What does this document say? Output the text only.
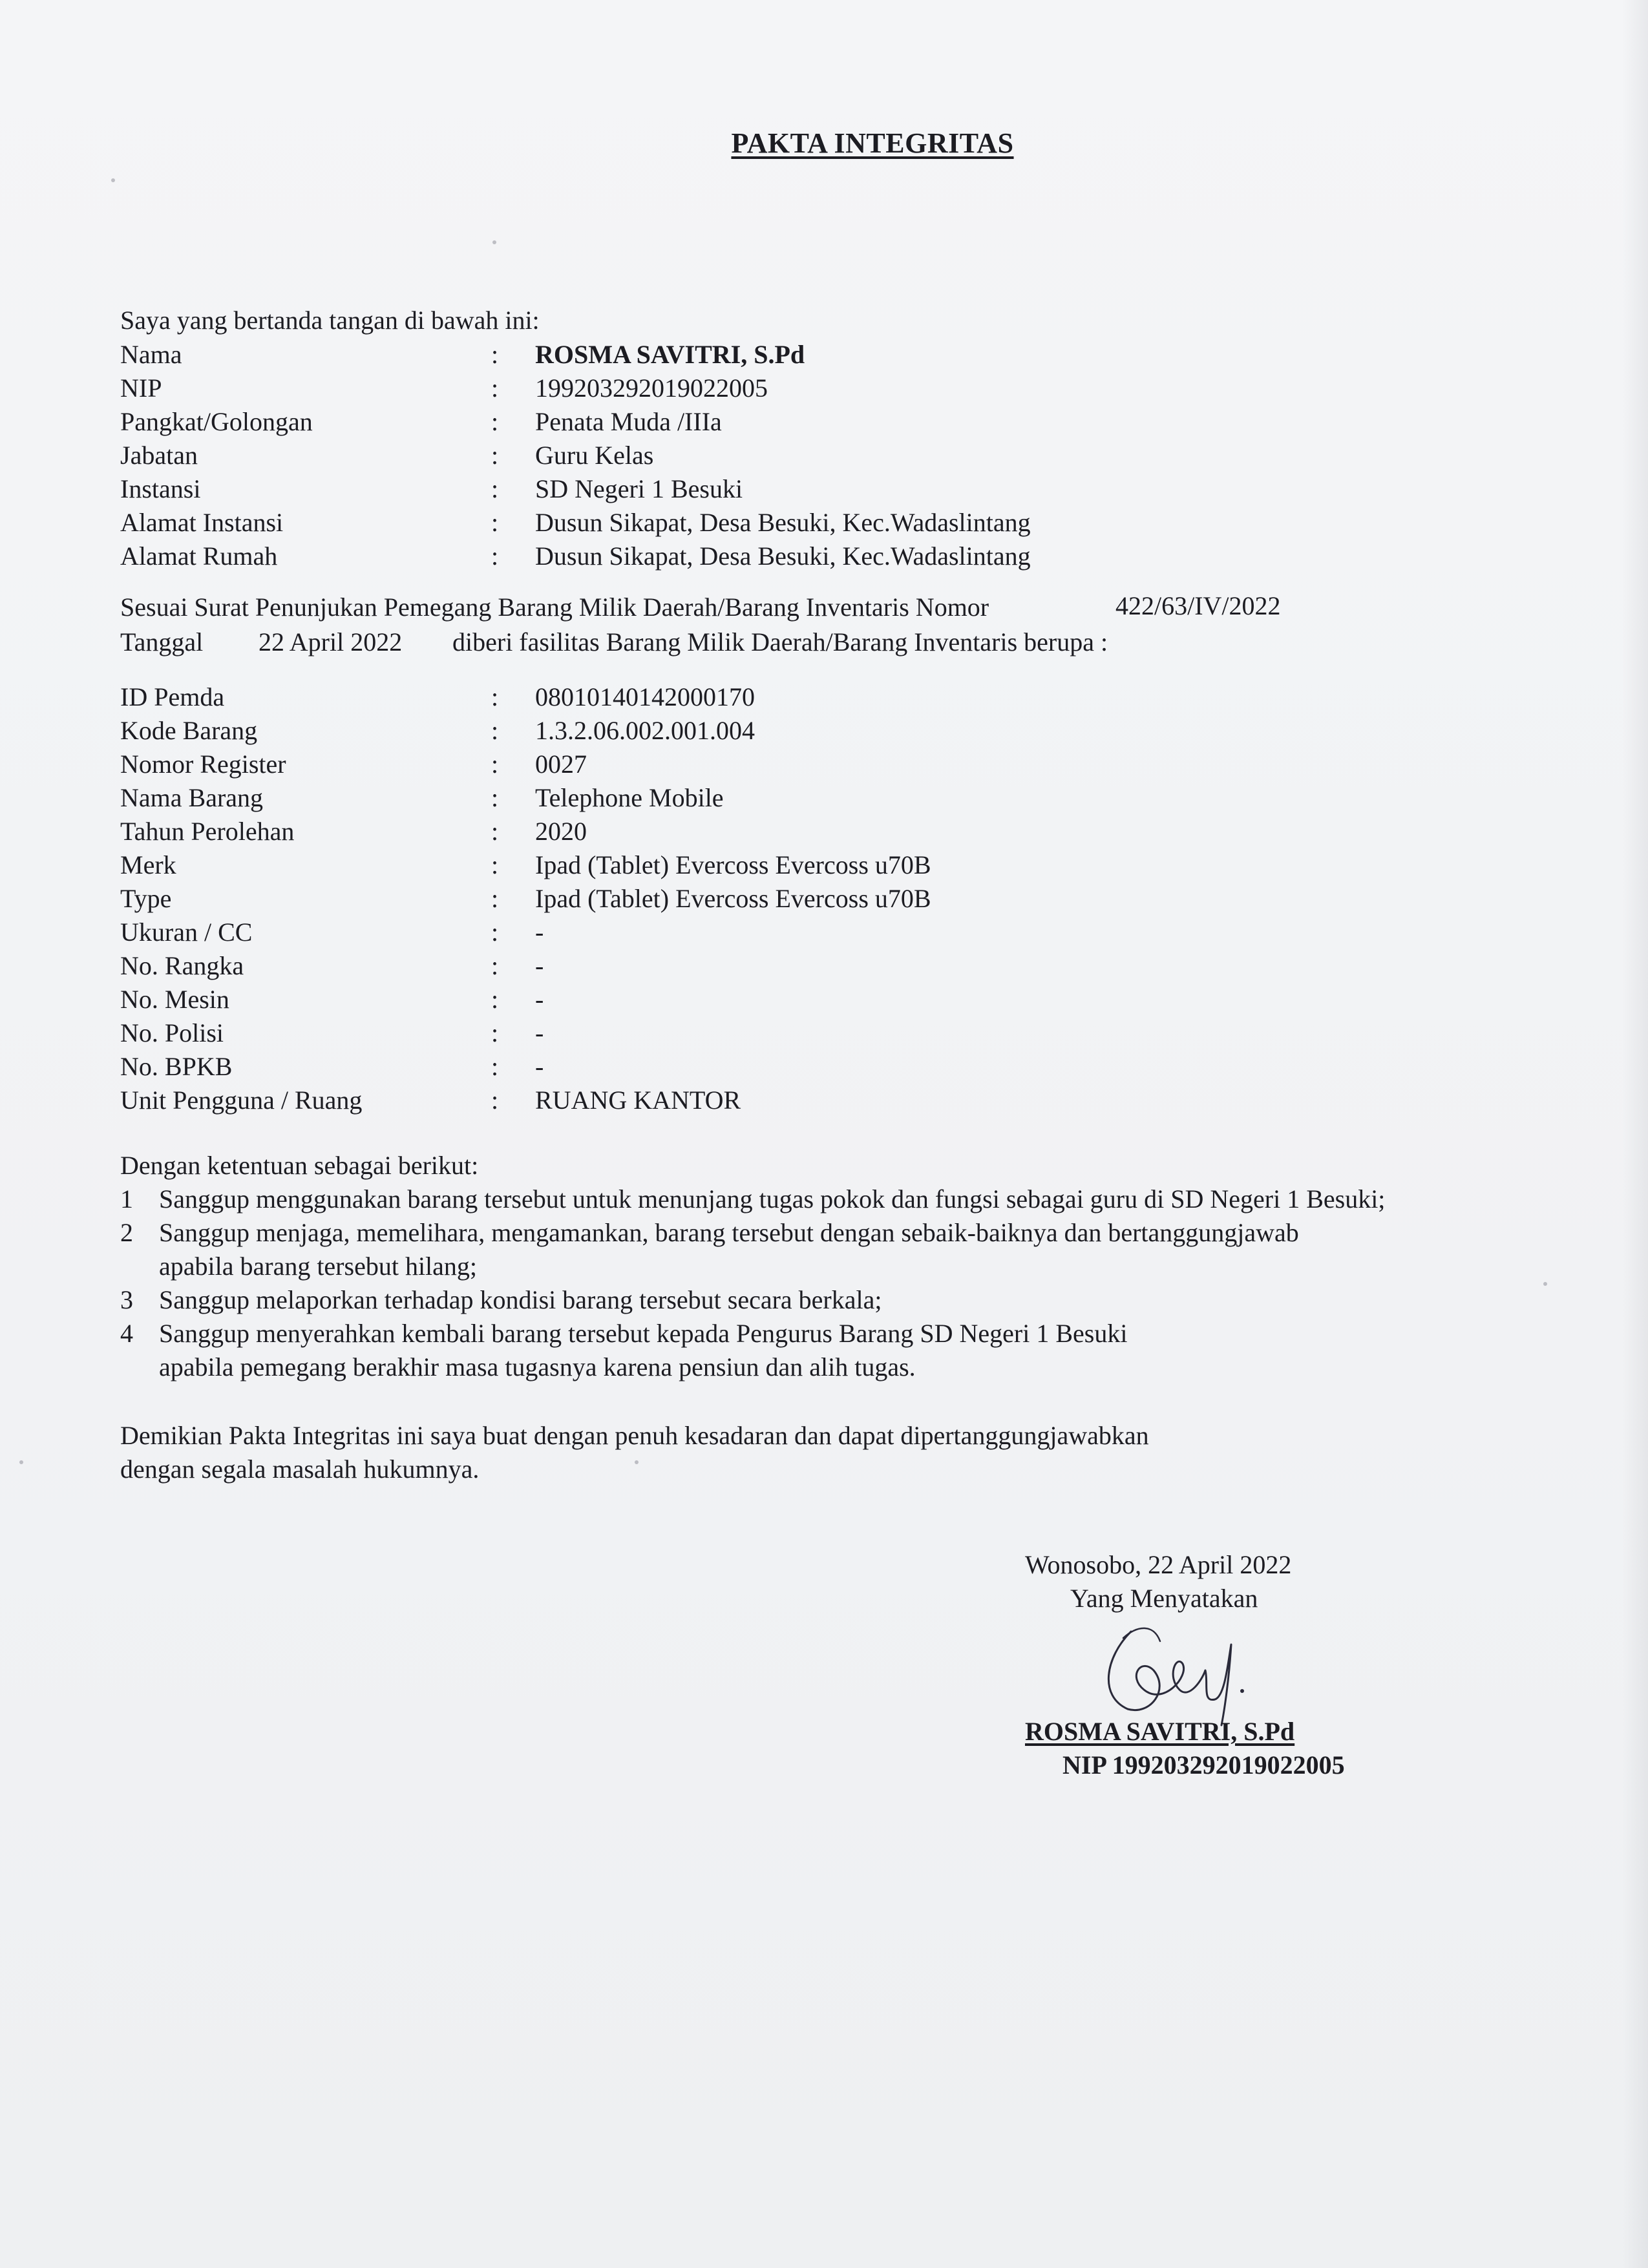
PAKTA INTEGRITAS
Saya yang bertanda tangan di bawah ini:
Nama	: ROSMA SAVITRI, S.Pd
NIP	: 199203292019022005
Pangkat/Golongan	: Penata Muda /IIIa
Jabatan	: Guru Kelas
Instansi	: SD Negeri 1 Besuki
Alamat Instansi	: Dusun Sikapat, Desa Besuki, Kec.Wadaslintang
Alamat Rumah	: Dusun Sikapat, Desa Besuki, Kec.Wadaslintang
Sesuai Surat Penunjukan Pemegang Barang Milik Daerah/Barang Inventaris Nomor	422/63/IV/2022
Tanggal 22 April 2022 diberi fasilitas Barang Milik Daerah/Barang Inventaris berupa :
ID Pemda	: 08010140142000170
Kode Barang	: 1.3.2.06.002.001.004
Nomor Register	: 0027
Nama Barang	: Telephone Mobile
Tahun Perolehan	: 2020
Merk	: Ipad (Tablet) Evercoss Evercoss u70B
Type	: Ipad (Tablet) Evercoss Evercoss u70B
Ukuran / CC	: -
No. Rangka	: -
No. Mesin	: -
No. Polisi	: -
No. BPKB	: -
Unit Pengguna / Ruang	: RUANG KANTOR
Dengan ketentuan sebagai berikut:
1 Sanggup menggunakan barang tersebut untuk menunjang tugas pokok dan fungsi sebagai guru di SD Negeri 1 Besuki;
2 Sanggup menjaga, memelihara, mengamankan, barang tersebut dengan sebaik-baiknya dan bertanggungjawab
apabila barang tersebut hilang;
3 Sanggup melaporkan terhadap kondisi barang tersebut secara berkala;
4 Sanggup menyerahkan kembali barang tersebut kepada Pengurus Barang SD Negeri 1 Besuki
apabila pemegang berakhir masa tugasnya karena pensiun dan alih tugas.
Demikian Pakta Integritas ini saya buat dengan penuh kesadaran dan dapat dipertanggungjawabkan
dengan segala masalah hukumnya.
Wonosobo, 22 April 2022
Yang Menyatakan
ROSMA SAVITRI, S.Pd
NIP 199203292019022005
